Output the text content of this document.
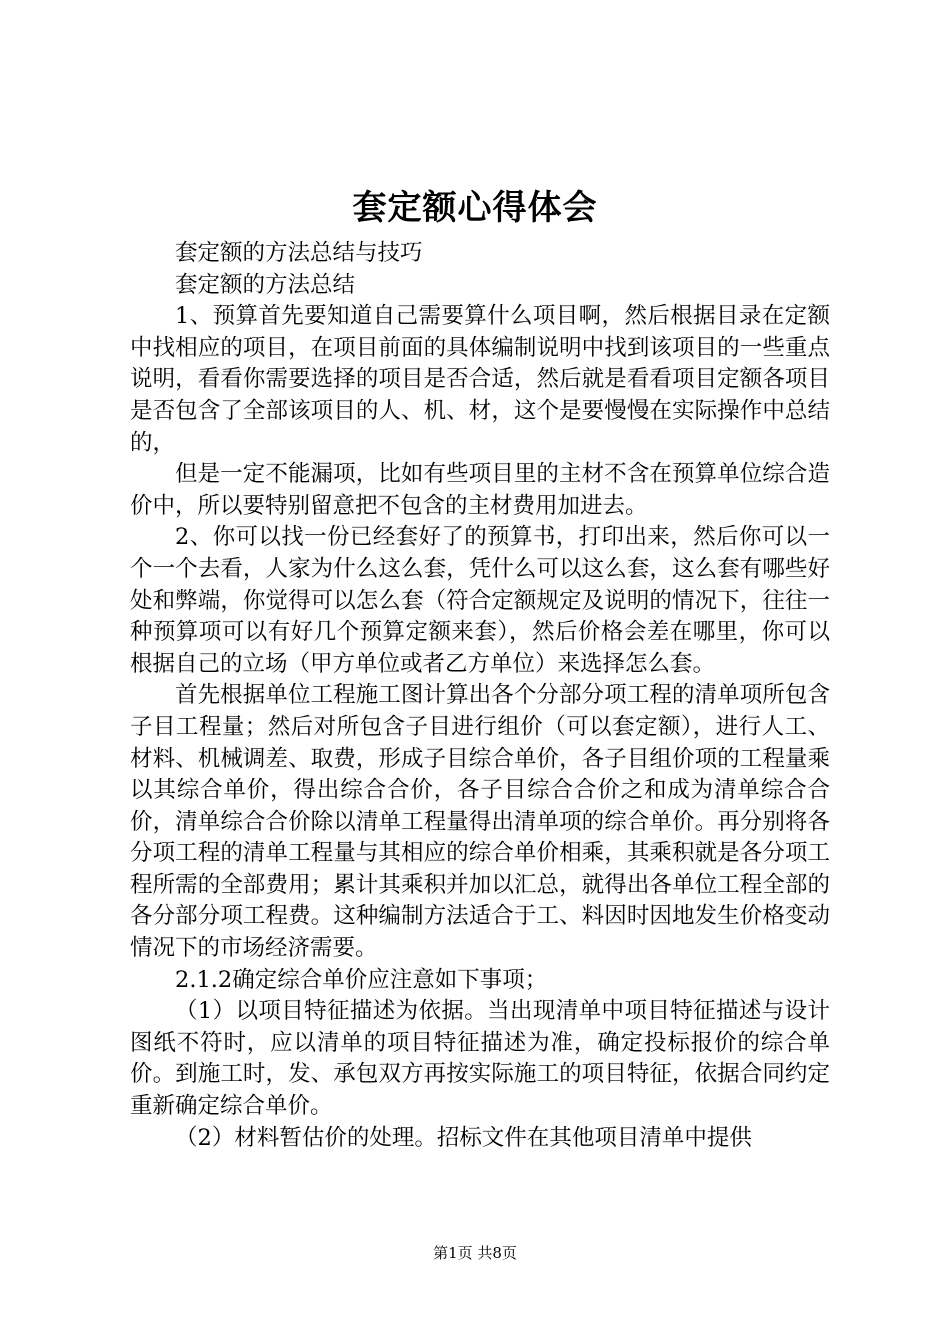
套定额心得体会

套定额的方法总结与技巧

套定额的方法总结

1、预算首先要知道自己需要算什么项目啊，然后根据目录在定额中找相应的项目，在项目前面的具体编制说明中找到该项目的一些重点说明，看看你需要选择的项目是否合适，然后就是看看项目定额各项目是否包含了全部该项目的人、机、材，这个是要慢慢在实际操作中总结的，

但是一定不能漏项，比如有些项目里的主材不含在预算单位综合造价中，所以要特别留意把不包含的主材费用加进去。

2、你可以找一份已经套好了的预算书，打印出来，然后你可以一个一个去看，人家为什么这么套，凭什么可以这么套，这么套有哪些好处和弊端，你觉得可以怎么套（符合定额规定及说明的情况下，往往一种预算项可以有好几个预算定额来套），然后价格会差在哪里，你可以根据自己的立场（甲方单位或者乙方单位）来选择怎么套。

首先根据单位工程施工图计算出各个分部分项工程的清单项所包含子目工程量；然后对所包含子目进行组价（可以套定额），进行人工、材料、机械调差、取费，形成子目综合单价，各子目组价项的工程量乘以其综合单价，得出综合合价，各子目综合合价之和成为清单综合合价，清单综合合价除以清单工程量得出清单项的综合单价。再分别将各分项工程的清单工程量与其相应的综合单价相乘，其乘积就是各分项工程所需的全部费用；累计其乘积并加以汇总，就得出各单位工程全部的各分部分项工程费。这种编制方法适合于工、料因时因地发生价格变动情况下的市场经济需要。

2.1.2确定综合单价应注意如下事项；

（1）以项目特征描述为依据。当出现清单中项目特征描述与设计图纸不符时，应以清单的项目特征描述为准，确定投标报价的综合单价。到施工时，发、承包双方再按实际施工的项目特征，依据合同约定重新确定综合单价。

（2）材料暂估价的处理。招标文件在其他项目清单中提供

第1页 共8页
